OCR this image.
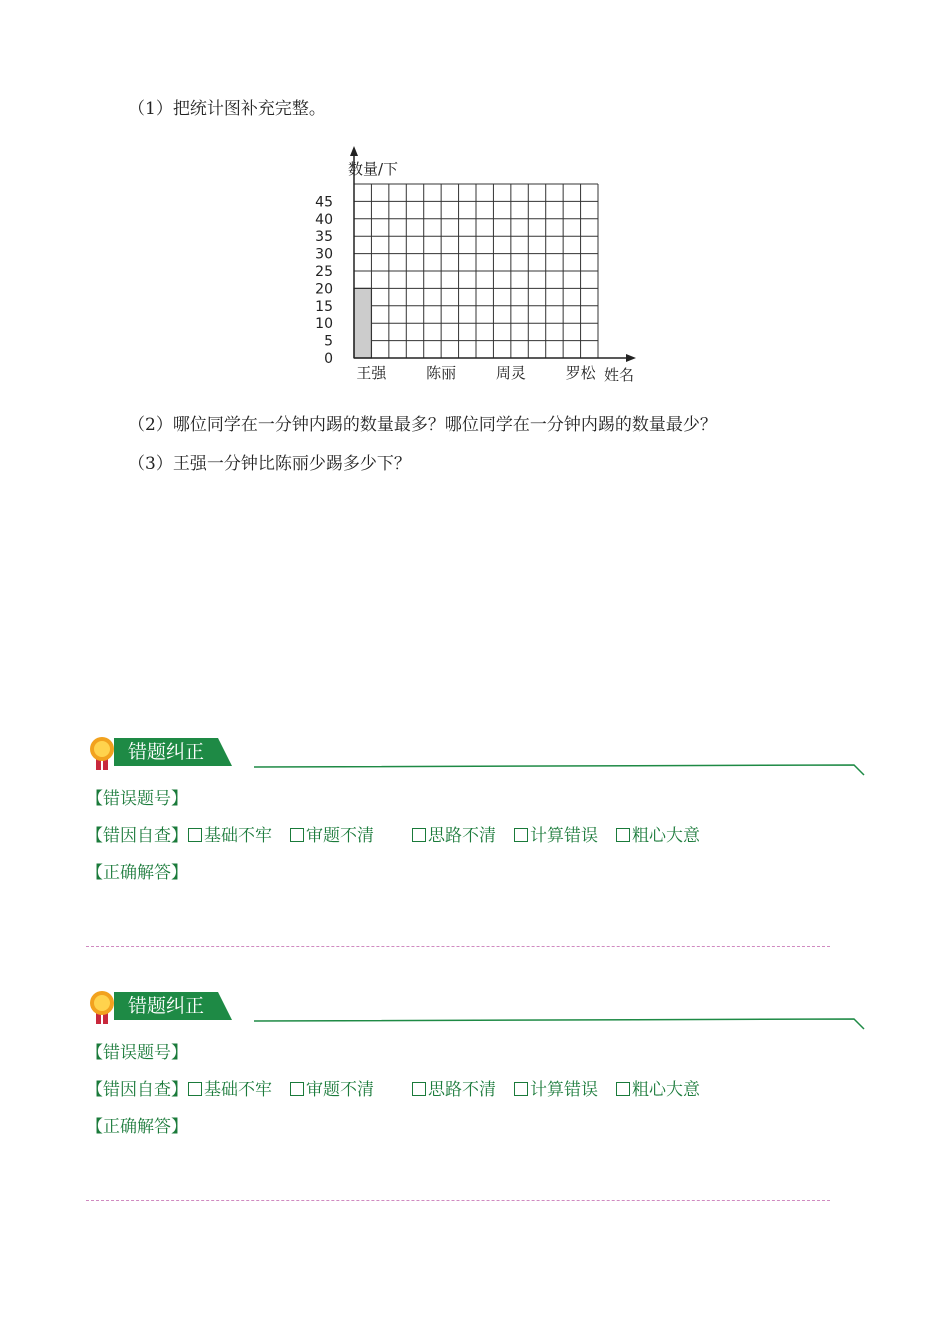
（1）把统计图补充完整。
0
5
10
15
20
25
30
35
40
45
王强	陈丽	周灵	罗松
数量/下
姓名
（2）哪位同学在一分钟内踢的数量最多？哪位同学在一分钟内踢的数量最少？
（3）王强一分钟比陈丽少踢多少下？
错题纠正
【错误题号】
【错因自查】 基础不牢 审题不清	思路不清 计算错误 粗心大意
【正确解答】
错题纠正
【错误题号】
【错因自查】 基础不牢 审题不清	思路不清 计算错误 粗心大意
【正确解答】
